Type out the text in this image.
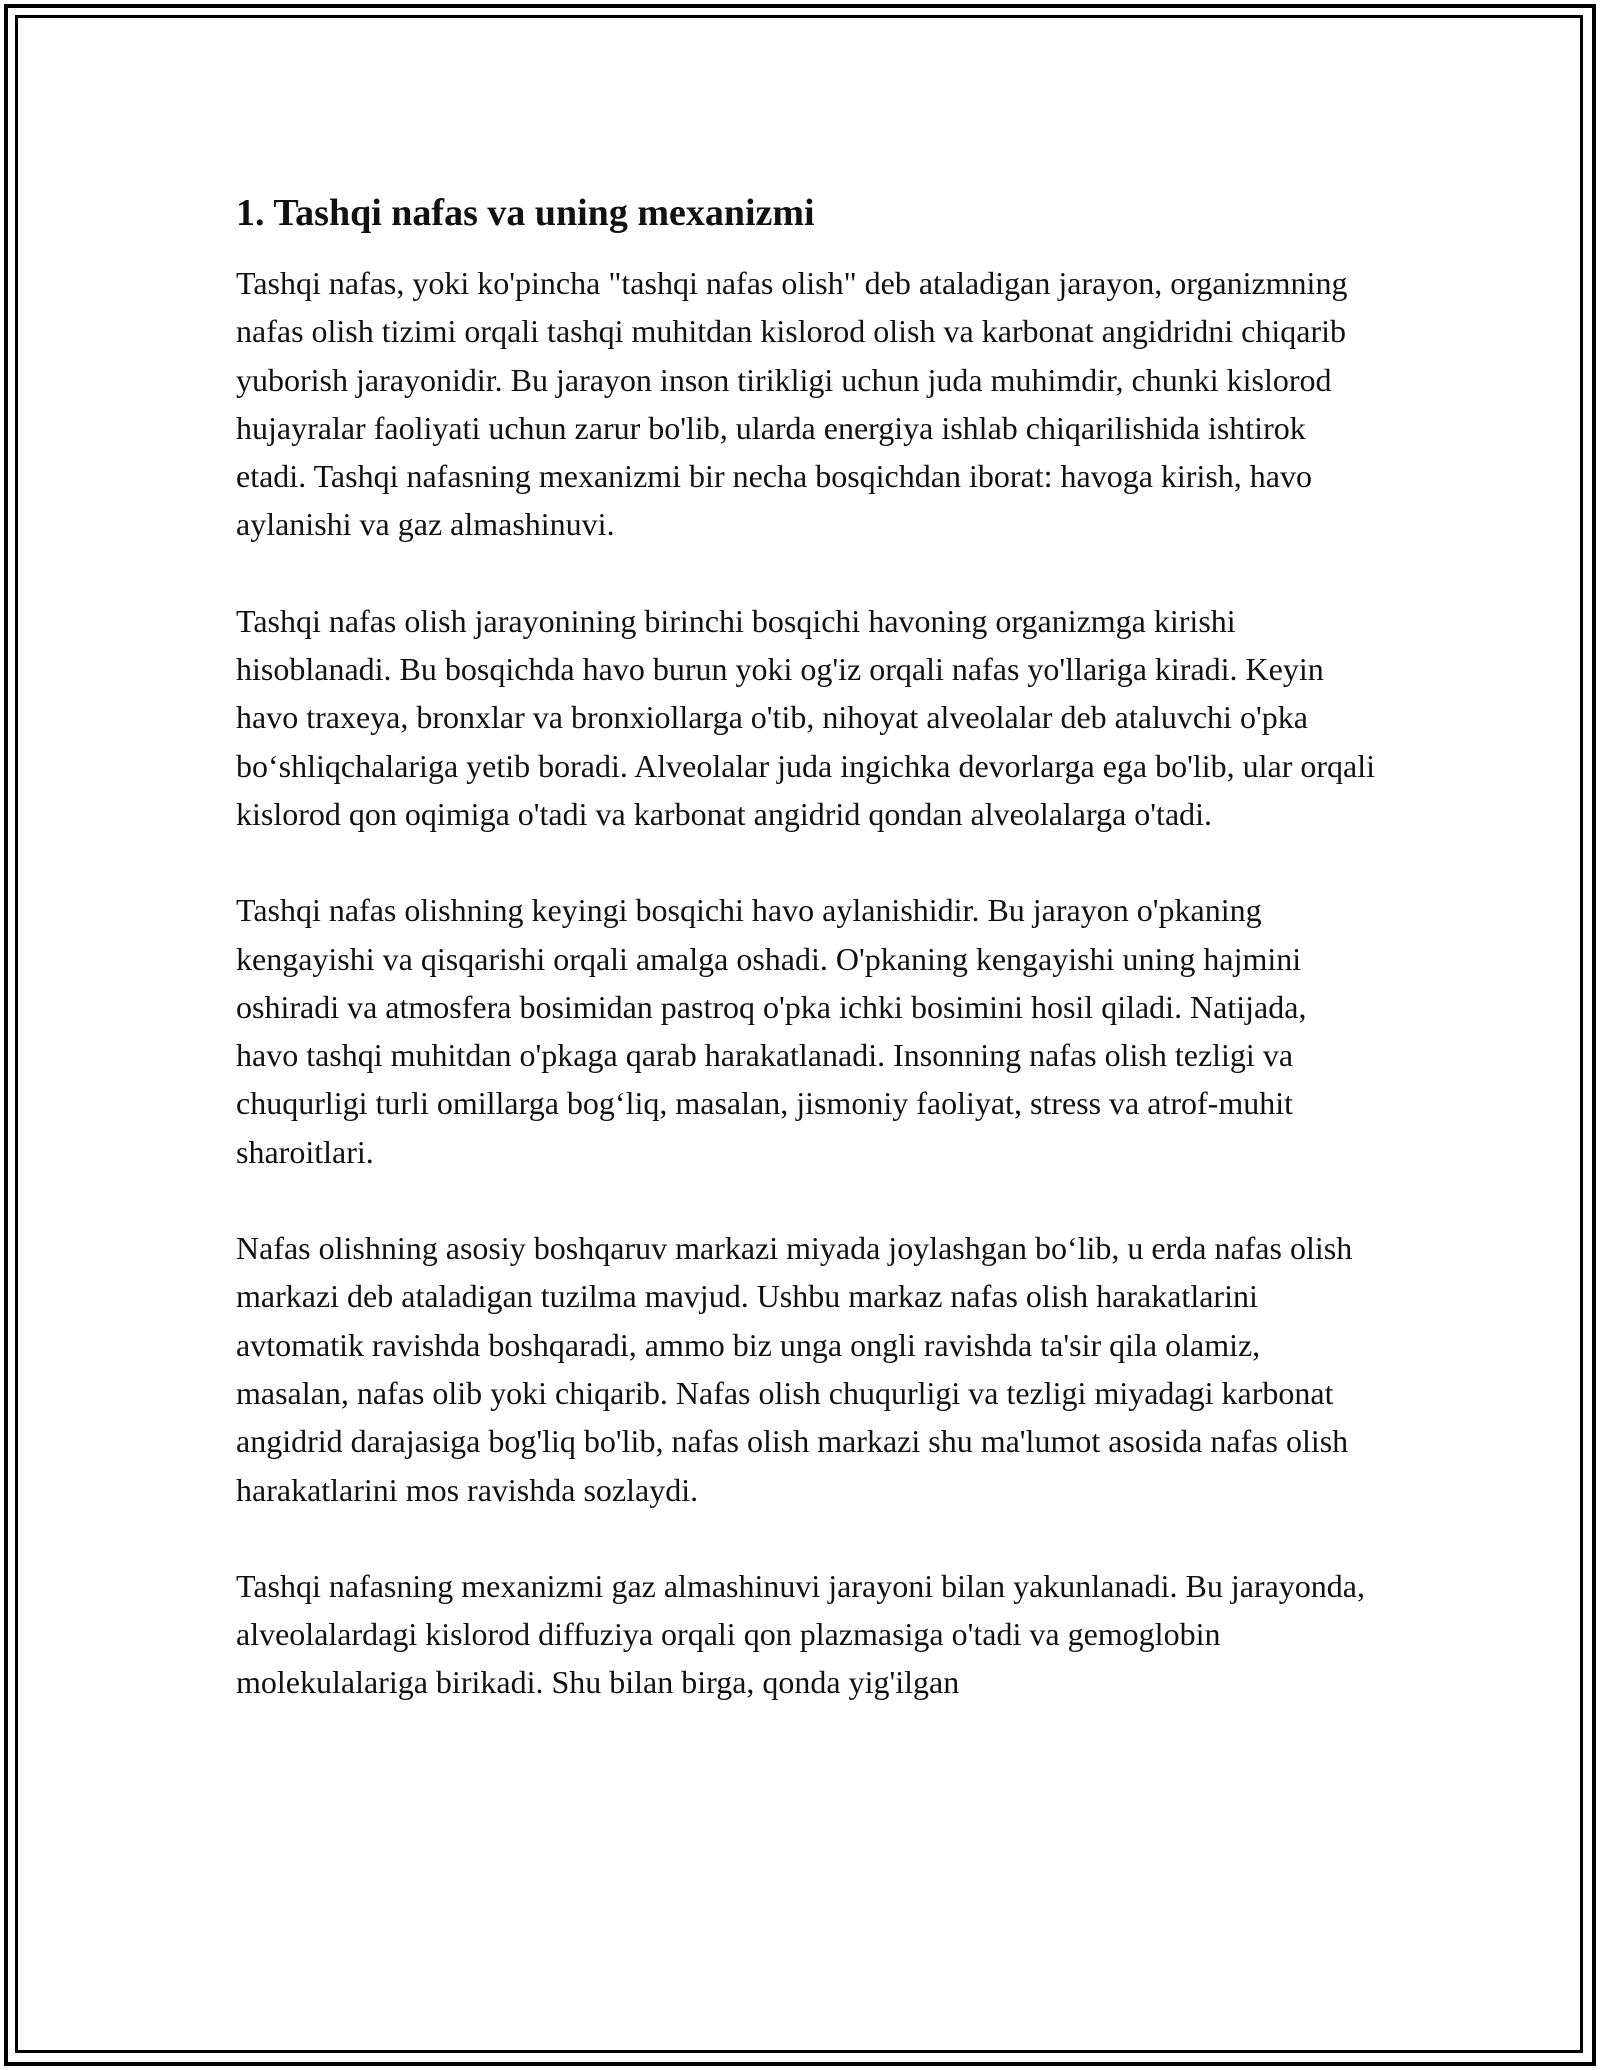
1. Tashqi nafas va uning mexanizmi

Tashqi nafas, yoki ko'pincha "tashqi nafas olish" deb ataladigan jarayon, organizmning nafas olish tizimi orqali tashqi muhitdan kislorod olish va karbonat angidridni chiqarib yuborish jarayonidir. Bu jarayon inson tirikligi uchun juda muhimdir, chunki kislorod hujayralar faoliyati uchun zarur bo'lib, ularda energiya ishlab chiqarilishida ishtirok etadi. Tashqi nafasning mexanizmi bir necha bosqichdan iborat: havoga kirish, havo aylanishi va gaz almashinuvi.

Tashqi nafas olish jarayonining birinchi bosqichi havoning organizmga kirishi hisoblanadi. Bu bosqichda havo burun yoki og'iz orqali nafas yo'llariga kiradi. Keyin havo traxeya, bronxlar va bronxiollarga o'tib, nihoyat alveolalar deb ataluvchi o'pka bo‘shliqchalariga yetib boradi. Alveolalar juda ingichka devorlarga ega bo'lib, ular orqali kislorod qon oqimiga o'tadi va karbonat angidrid qondan alveolalarga o'tadi.

Tashqi nafas olishning keyingi bosqichi havo aylanishidir. Bu jarayon o'pkaning kengayishi va qisqarishi orqali amalga oshadi. O'pkaning kengayishi uning hajmini oshiradi va atmosfera bosimidan pastroq o'pka ichki bosimini hosil qiladi. Natijada, havo tashqi muhitdan o'pkaga qarab harakatlanadi. Insonning nafas olish tezligi va chuqurligi turli omillarga bog‘liq, masalan, jismoniy faoliyat, stress va atrof-muhit sharoitlari.

Nafas olishning asosiy boshqaruv markazi miyada joylashgan bo‘lib, u erda nafas olish markazi deb ataladigan tuzilma mavjud. Ushbu markaz nafas olish harakatlarini avtomatik ravishda boshqaradi, ammo biz unga ongli ravishda ta'sir qila olamiz, masalan, nafas olib yoki chiqarib. Nafas olish chuqurligi va tezligi miyadagi karbonat angidrid darajasiga bog'liq bo'lib, nafas olish markazi shu ma'lumot asosida nafas olish harakatlarini mos ravishda sozlaydi.

Tashqi nafasning mexanizmi gaz almashinuvi jarayoni bilan yakunlanadi. Bu jarayonda, alveolalardagi kislorod diffuziya orqali qon plazmasiga o'tadi va gemoglobin molekulalariga birikadi. Shu bilan birga, qonda yig'ilgan
